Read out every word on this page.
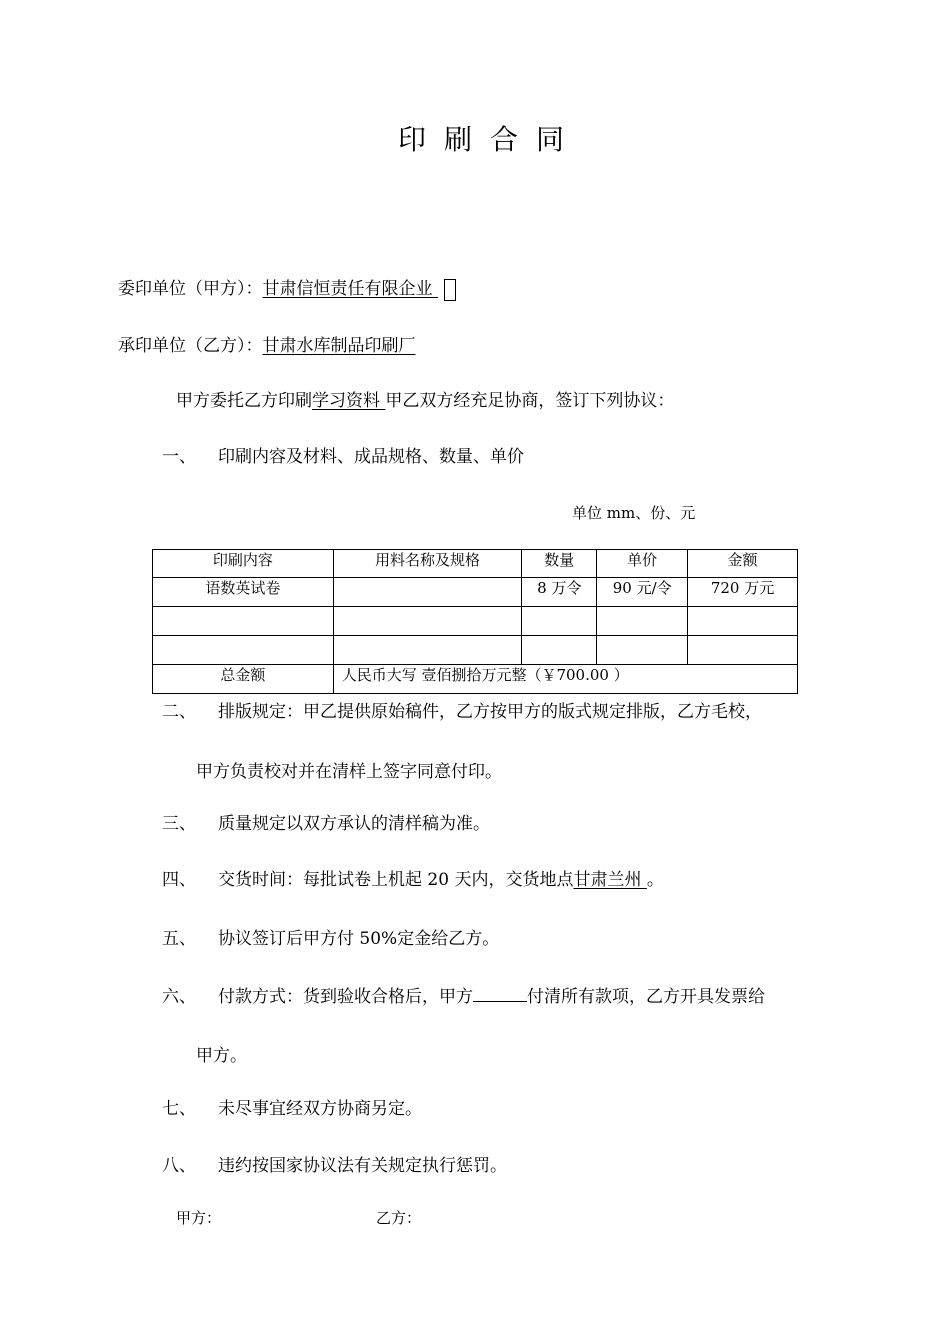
印刷合同
委印单位（甲方）：甘肃信恒责任有限企业
承印单位（乙方）：甘肃水库制品印刷厂
甲方委托乙方印刷学习资料 甲乙双方经充足协商，签订下列协议：
一、 印刷内容及材料、成品规格、数量、单价
单位 mm、份、元
印刷内容	用料名称及规格	数量	单价	金额
语数英试卷		8 万令	90 元/令	720 万元

总金额	人民币大写 壹佰捌拾万元整（￥700.00 ）			
二、 排版规定：甲乙提供原始稿件，乙方按甲方的版式规定排版，乙方毛校，
甲方负责校对并在清样上签字同意付印。
三、 质量规定以双方承认的清样稿为准。
四、 交货时间：每批试卷上机起 20 天内，交货地点甘肃兰州 。
五、 协议签订后甲方付 50%定金给乙方。
六、 付款方式：货到验收合格后，甲方	付清所有款项，乙方开具发票给
甲方。
七、 未尽事宜经双方协商另定。
八、 违约按国家协议法有关规定执行惩罚。
甲方：	乙方：
